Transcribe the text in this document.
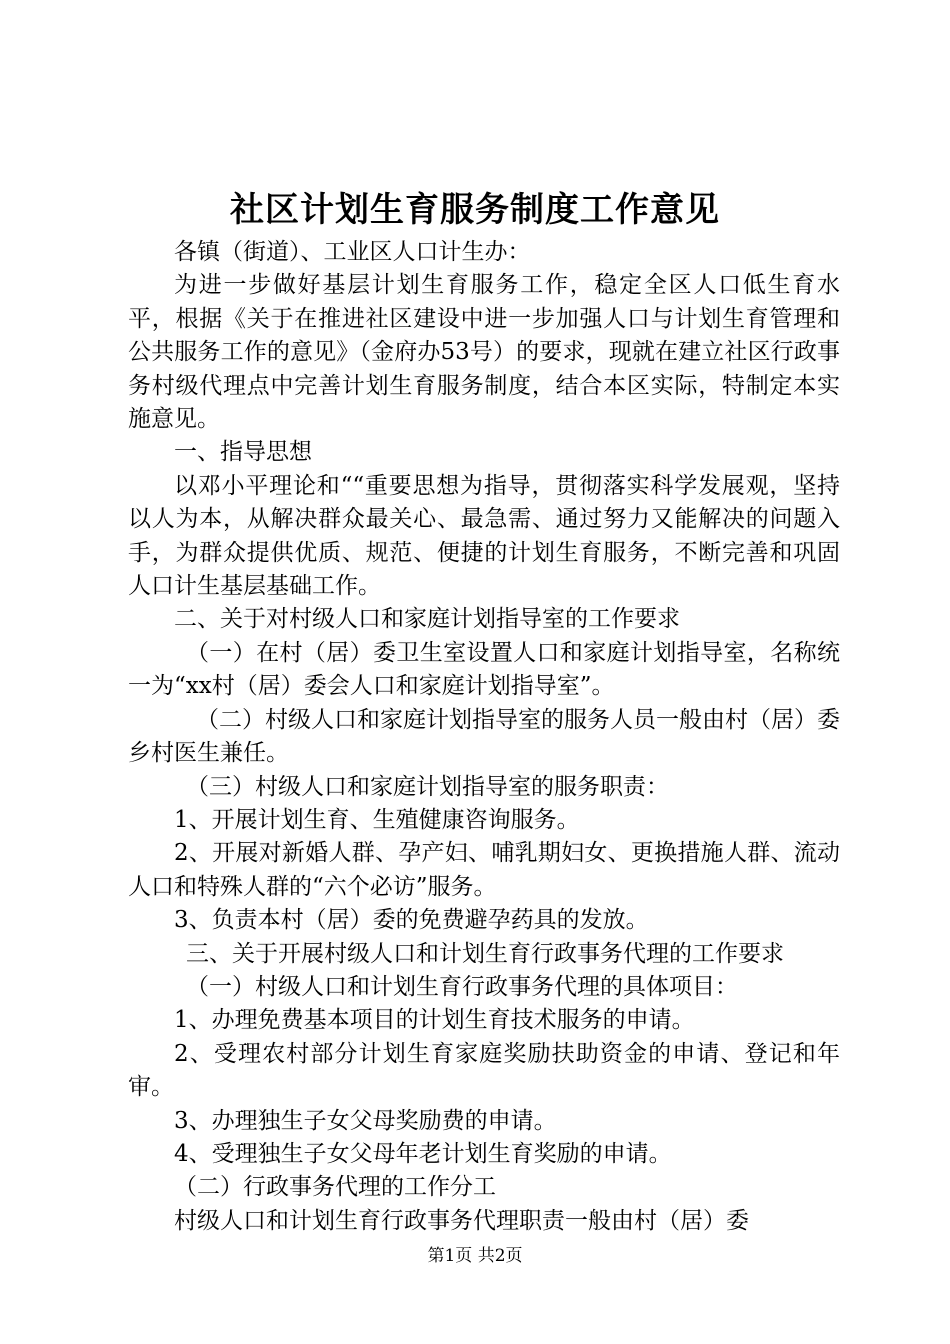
社区计划生育服务制度工作意见

各镇（街道）、工业区人口计生办：

为进一步做好基层计划生育服务工作，稳定全区人口低生育水平，根据《关于在推进社区建设中进一步加强人口与计划生育管理和公共服务工作的意见》（金府办53号）的要求，现就在建立社区行政事务村级代理点中完善计划生育服务制度，结合本区实际，特制定本实施意见。

一、指导思想

以邓小平理论和““重要思想为指导，贯彻落实科学发展观，坚持以人为本，从解决群众最关心、最急需、通过努力又能解决的问题入手，为群众提供优质、规范、便捷的计划生育服务，不断完善和巩固人口计生基层基础工作。

二、关于对村级人口和家庭计划指导室的工作要求

（一）在村（居）委卫生室设置人口和家庭计划指导室，名称统一为“xx村（居）委会人口和家庭计划指导室”。

（二）村级人口和家庭计划指导室的服务人员一般由村（居）委乡村医生兼任。

（三）村级人口和家庭计划指导室的服务职责：

1、开展计划生育、生殖健康咨询服务。

2、开展对新婚人群、孕产妇、哺乳期妇女、更换措施人群、流动人口和特殊人群的“六个必访”服务。

3、负责本村（居）委的免费避孕药具的发放。

三、关于开展村级人口和计划生育行政事务代理的工作要求

（一）村级人口和计划生育行政事务代理的具体项目：

1、办理免费基本项目的计划生育技术服务的申请。

2、受理农村部分计划生育家庭奖励扶助资金的申请、登记和年审。

3、办理独生子女父母奖励费的申请。

4、受理独生子女父母年老计划生育奖励的申请。

（二）行政事务代理的工作分工

村级人口和计划生育行政事务代理职责一般由村（居）委

第1页 共2页
